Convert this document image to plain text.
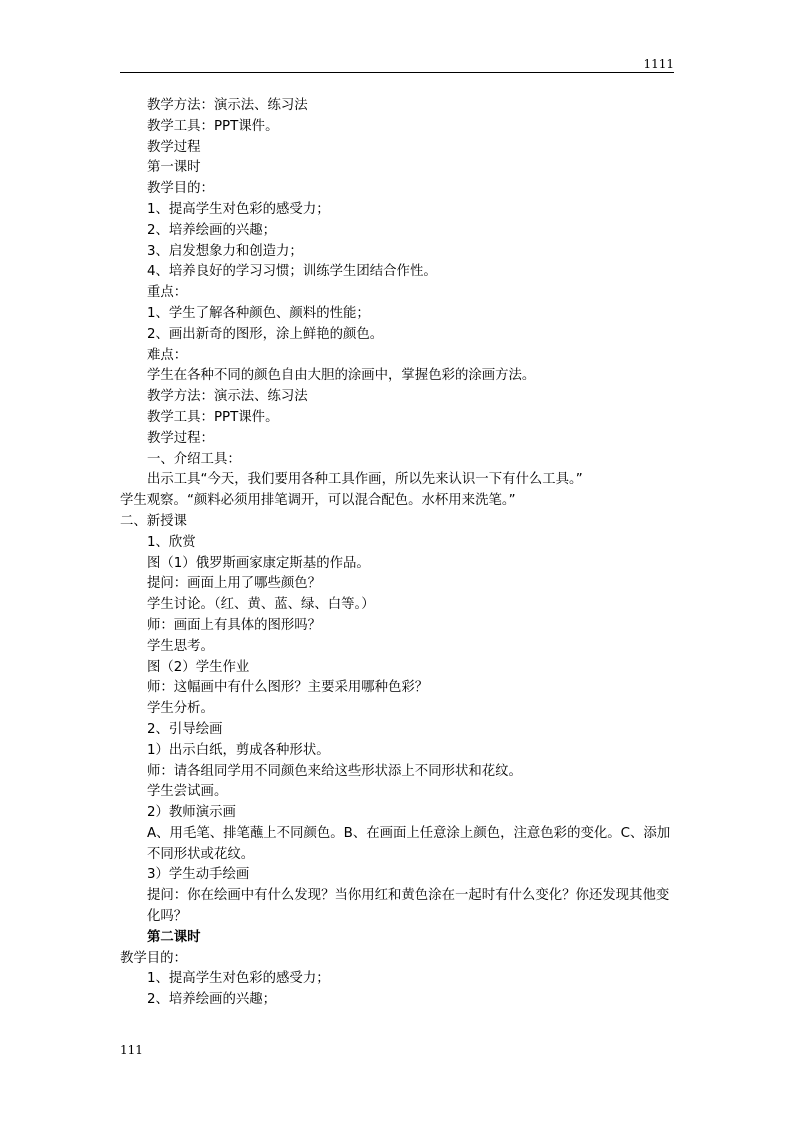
1111
教学方法：演示法、练习法
教学工具：PPT课件。
教学过程
第一课时
教学目的：
1、提高学生对色彩的感受力；
2、培养绘画的兴趣；
3、启发想象力和创造力；
4、培养良好的学习习惯；训练学生团结合作性。
重点：
1、学生了解各种颜色、颜料的性能；
2、画出新奇的图形，涂上鲜艳的颜色。
难点：
学生在各种不同的颜色自由大胆的涂画中，掌握色彩的涂画方法。
教学方法：演示法、练习法
教学工具：PPT课件。
教学过程：
一、介绍工具：
出示工具“今天，我们要用各种工具作画，所以先来认识一下有什么工具。”
学生观察。“颜料必须用排笔调开，可以混合配色。水杯用来洗笔。”
二、新授课
1、欣赏
图（1）俄罗斯画家康定斯基的作品。
提问：画面上用了哪些颜色？
学生讨论。（红、黄、蓝、绿、白等。）
师：画面上有具体的图形吗？
学生思考。
图（2）学生作业
师：这幅画中有什么图形？主要采用哪种色彩？
学生分析。
2、引导绘画
1）出示白纸，剪成各种形状。
师：请各组同学用不同颜色来给这些形状添上不同形状和花纹。
学生尝试画。
2）教师演示画
A、用毛笔、排笔蘸上不同颜色。B、在画面上任意涂上颜色，注意色彩的变化。C、添加不同形状或花纹。
3）学生动手绘画
提问：你在绘画中有什么发现？当你用红和黄色涂在一起时有什么变化？你还发现其他变化吗？
第二课时
教学目的：
1、提高学生对色彩的感受力；
2、培养绘画的兴趣；
111
